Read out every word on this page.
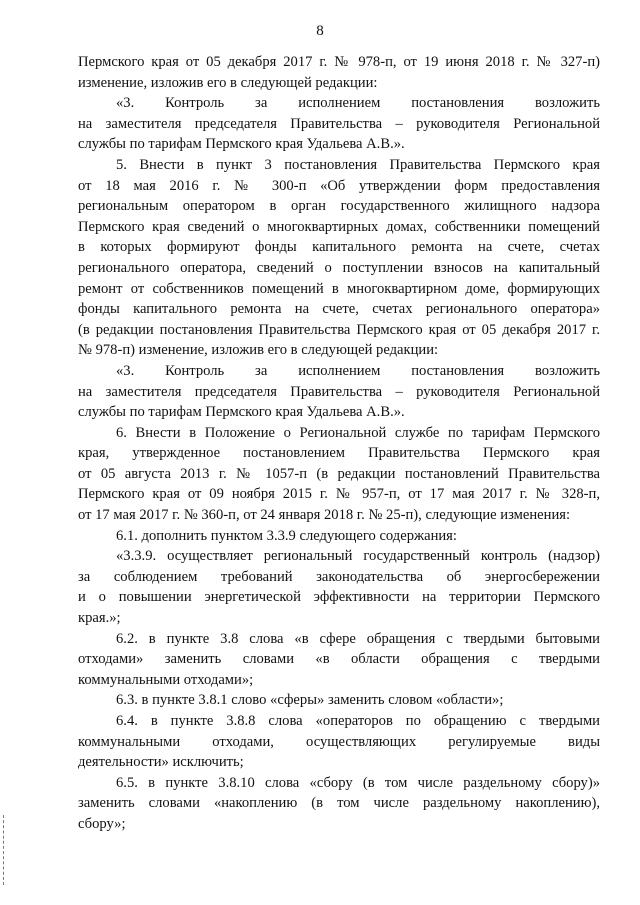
8
Пермского края от 05 декабря 2017 г. № 978-п, от 19 июня 2018 г. № 327-п)
изменение, изложив его в следующей редакции:
«3. Контроль за исполнением постановления возложить
на заместителя председателя Правительства – руководителя Региональной
службы по тарифам Пермского края Удальева А.В.».
5. Внести в пункт 3 постановления Правительства Пермского края
от 18 мая 2016 г. № 300-п «Об утверждении форм предоставления
региональным оператором в орган государственного жилищного надзора
Пермского края сведений о многоквартирных домах, собственники помещений
в которых формируют фонды капитального ремонта на счете, счетах
регионального оператора, сведений о поступлении взносов на капитальный
ремонт от собственников помещений в многоквартирном доме, формирующих
фонды капитального ремонта на счете, счетах регионального оператора»
(в редакции постановления Правительства Пермского края от 05 декабря 2017 г.
№ 978-п) изменение, изложив его в следующей редакции:
«3. Контроль за исполнением постановления возложить
на заместителя председателя Правительства – руководителя Региональной
службы по тарифам Пермского края Удальева А.В.».
6. Внести в Положение о Региональной службе по тарифам Пермского
края, утвержденное постановлением Правительства Пермского края
от 05 августа 2013 г. № 1057-п (в редакции постановлений Правительства
Пермского края от 09 ноября 2015 г. № 957-п, от 17 мая 2017 г. № 328-п,
от 17 мая 2017 г. № 360-п, от 24 января 2018 г. № 25-п), следующие изменения:
6.1. дополнить пунктом 3.3.9 следующего содержания:
«3.3.9. осуществляет региональный государственный контроль (надзор)
за соблюдением требований законодательства об энергосбережении
и о повышении энергетической эффективности на территории Пермского
края.»;
6.2. в пункте 3.8 слова «в сфере обращения с твердыми бытовыми
отходами» заменить словами «в области обращения с твердыми
коммунальными отходами»;
6.3. в пункте 3.8.1 слово «сферы» заменить словом «области»;
6.4. в пункте 3.8.8 слова «операторов по обращению с твердыми
коммунальными отходами, осуществляющих регулируемые виды
деятельности» исключить;
6.5. в пункте 3.8.10 слова «сбору (в том числе раздельному сбору)»
заменить словами «накоплению (в том числе раздельному накоплению),
сбору»;
